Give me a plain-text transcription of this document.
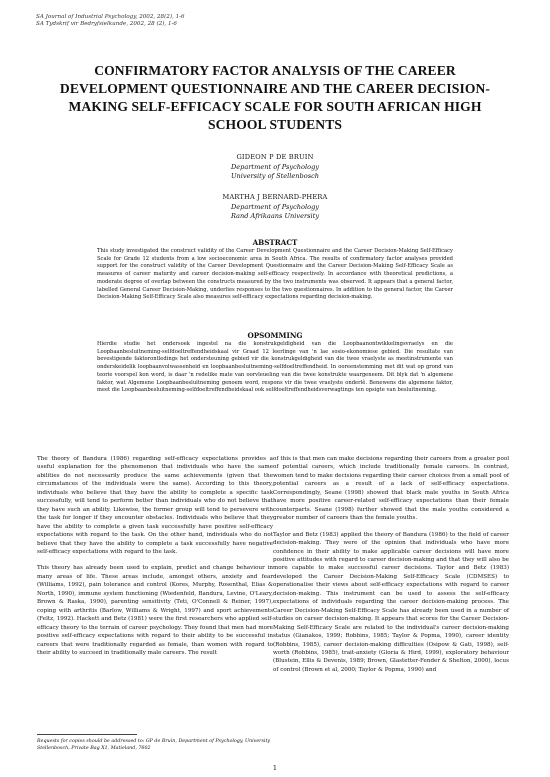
SA Journal of Industrial Psychology, 2002, 28(2), 1-6
SA Tydskrif vir Bedryfsielkunde, 2002, 28 (2), 1-6
CONFIRMATORY FACTOR ANALYSIS OF THE CAREER DEVELOPMENT QUESTIONNAIRE AND THE CAREER DECISION-MAKING SELF-EFFICACY SCALE FOR SOUTH AFRICAN HIGH SCHOOL STUDENTS
GIDEON P DE BRUIN
Department of Psychology
University of Stellenbosch
MARTHA J BERNARD-PHERA
Department of Psychology
Rand Afrikaans University
ABSTRACT
This study investigated the construct validity of the Career Development Questionnaire and the Career Decision-Making Self-Efficacy Scale for Grade 12 students from a low socioeconomic area in South Africa. The results of confirmatory factor analyses provided support for the construct validity of the Career Development Questionnaire and the Career Decision-Making Self-Efficacy Scale as measures of career maturity and career decision-making self-efficacy respectively. In accordance with theoretical predictions, a moderate degree of overlap between the constructs measured by the two instruments was observed. It appears that a general factor, labelled General Career Decision-Making, underlies responses to the two questionnaires. In addition to the general factor, the Career Decision-Making Self-Efficacy Scale also measures self-efficacy expectations regarding decision-making.
OPSOMMING
Hierdie studie het ondersoek ingestel na die konstrukgeldigheid van die Loopbaanontwikkelingsvraelys en die Loopbaanbesluitneming-selfdoeltreffendheidskaal vir Graad 12 leerlinge van 'n lae sosio-ekonomiese gebied. Die resultate van bevestigende faktorontledings het ondersteuning gebied vir die konstrukgeldigheid van die twee vraelyste as meetinstrumente van onderskeidelik loopbaanvolwassenheid en loopbaanbesluitneming-selfdoeltreffendheid. In ooreenstemming met dit wat op grond van teorie voorspel kon word, is daar 'n redelike mate van oorvleueling van die twee konstrukte waargeneem. Dit blyk dat 'n algemene faktor, wat Algemene Loopbaanbesluitneming genoem word, respons vir die twee vraelyste onderlê. Benewens die algemene faktor, meet die Loopbaanbesluitneming-selfdoeltreffendheidskaal ook selfdoeltreffendheidsverwagtings ten opsigte van besluitneming.

The theory of Bandura (1986) regarding self-efficacy expectations provides a useful explanation for the phenomenon that individuals who have the same abilities do not necessarily produce the same achievements (given that the circumstances of the individuals were the same). According to this theory, individuals who believe that they have the ability to complete a specific task successfully, will tend to perform better than individuals who do not believe that they have such an ability. Likewise, the former group will tend to persevere with the task for longer if they encounter obstacles. Individuals who believe that they have the ability to complete a given task successfully have positive self-efficacy expectations with regard to the task. On the other hand, individuals who do not believe that they have the ability to complete a task successfully have negative self-efficacy expectations with regard to the task.

This theory has already been used to explain, predict and change behaviour in many areas of life. These areas include, amongst others, anxiety and fear (Williams, 1992), pain tolerance and control (Kores, Murphy, Rosenthal, Elias & North, 1990), immune system functioning (Wiedenfeld, Bandura, Levine, O'Leary, Brown & Raska, 1990), parenting sensitivity (Teti, O'Connell & Reiner, 1997), coping with arthritis (Barlow, Williams & Wright, 1997) and sport achievements (Feltz, 1992). Hackett and Betz (1981) were the first researchers who applied self-efficacy theory to the terrain of career psychology. They found that men had more positive self-efficacy expectations with regard to their ability to be successful in careers that were traditionally regarded as female, than women with regard to their ability to succeed in traditionally male careers. The result

of this is that men can make decisions regarding their careers from a greater pool of potential careers, which include traditionally female careers. In contrast, women tend to make decisions regarding their career choices from a small pool of potential careers as a result of a lack of self-efficacy expectations. Correspondingly, Seane (1998) showed that black male youths in South Africa have more positive career-related self-efficacy expectations than their female counterparts. Seane (1998) further showed that the male youths considered a greater number of careers than the female youths.

Taylor and Betz (1983) applied the theory of Bandura (1986) to the field of career decision-making. They were of the opinion that individuals who have more confidence in their ability to make applicable career decisions will have more positive attitudes with regard to career decision-making and that they will also be more capable to make successful career decisions. Taylor and Betz (1983) developed the Career Decision-Making Self-Efficacy Scale (CDMSES) to operationalise their views about self-efficacy expectations with regard to career decision-making. This instrument can be used to assess the self-efficacy expectations of individuals regarding the career decision-making process. The Career Decision-Making Self-Efficacy Scale has already been used in a number of studies on career decision-making. It appears that scores for the Career Decision-Making Self-Efficacy Scale are related to the individual's career decision-making status (Gianakos, 1999; Robbins, 1985; Taylor & Popma, 1990), career identity (Robbins, 1985), career decision-making difficulties (Osipow & Gati, 1998), self-worth (Robbins, 1985), trait-anxiety (Gloria & Hird, 1999), exploratory behaviour (Blustein, Ellis & Devenis, 1989; Brown, Glastetter-Fender & Shelton, 2000), locus of control (Brown et al, 2000; Taylor & Popma, 1990) and

Requests for copies should be addressed to: GP de Bruin, Department of Psychology, University Stellenbosch, Private Bag X1, Matieland, 7602
1
